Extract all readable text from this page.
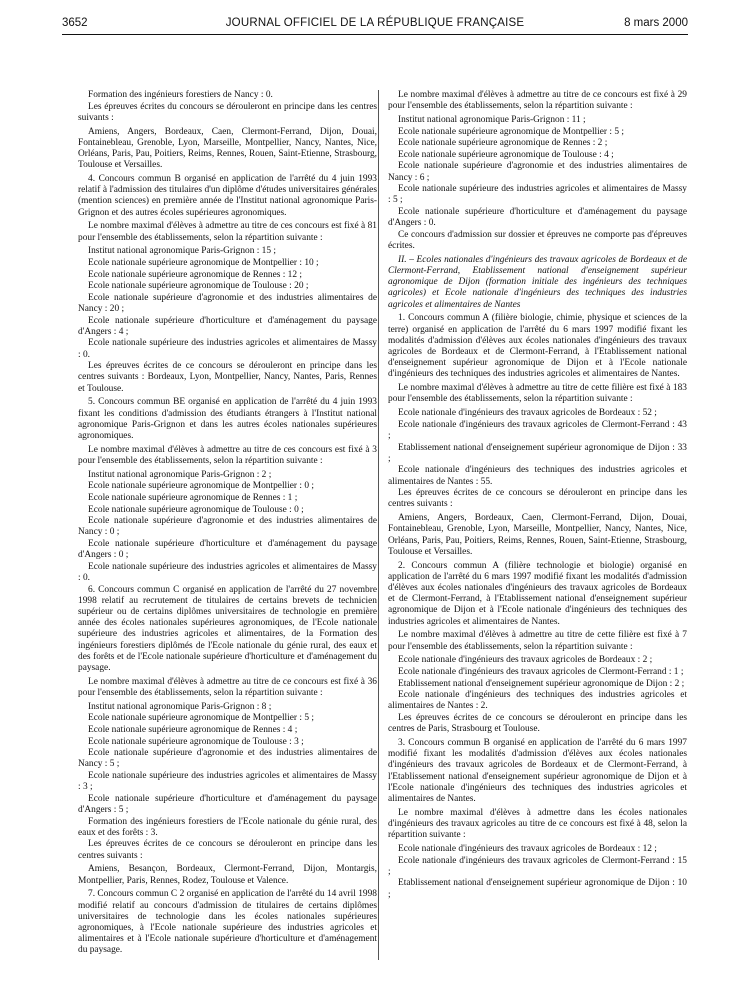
3652	JOURNAL OFFICIEL DE LA RÉPUBLIQUE FRANÇAISE	8 mars 2000

Formation des ingénieurs forestiers de Nancy : 0.

Les épreuves écrites du concours se dérouleront en principe dans les centres suivants :

Amiens, Angers, Bordeaux, Caen, Clermont-Ferrand, Dijon, Douai, Fontainebleau, Grenoble, Lyon, Marseille, Montpellier, Nancy, Nantes, Nice, Orléans, Paris, Pau, Poitiers, Reims, Rennes, Rouen, Saint-Etienne, Strasbourg, Toulouse et Versailles.

4. Concours commun B organisé en application de l'arrêté du 4 juin 1993 relatif à l'admission des titulaires d'un diplôme d'études universitaires générales (mention sciences) en première année de l'Institut national agronomique Paris-Grignon et des autres écoles supérieures agronomiques.

Le nombre maximal d'élèves à admettre au titre de ces concours est fixé à 81 pour l'ensemble des établissements, selon la répartition suivante :

Institut national agronomique Paris-Grignon : 15 ;

Ecole nationale supérieure agronomique de Montpellier : 10 ;

Ecole nationale supérieure agronomique de Rennes : 12 ;

Ecole nationale supérieure agronomique de Toulouse : 20 ;

Ecole nationale supérieure d'agronomie et des industries alimentaires de Nancy : 20 ;

Ecole nationale supérieure d'horticulture et d'aménagement du paysage d'Angers : 4 ;

Ecole nationale supérieure des industries agricoles et alimentaires de Massy : 0.

Les épreuves écrites de ce concours se dérouleront en principe dans les centres suivants : Bordeaux, Lyon, Montpellier, Nancy, Nantes, Paris, Rennes et Toulouse.

5. Concours commun BE organisé en application de l'arrêté du 4 juin 1993 fixant les conditions d'admission des étudiants étrangers à l'Institut national agronomique Paris-Grignon et dans les autres écoles nationales supérieures agronomiques.

Le nombre maximal d'élèves à admettre au titre de ces concours est fixé à 3 pour l'ensemble des établissements, selon la répartition suivante :

Institut national agronomique Paris-Grignon : 2 ;

Ecole nationale supérieure agronomique de Montpellier : 0 ;

Ecole nationale supérieure agronomique de Rennes : 1 ;

Ecole nationale supérieure agronomique de Toulouse : 0 ;

Ecole nationale supérieure d'agronomie et des industries alimentaires de Nancy : 0 ;

Ecole nationale supérieure d'horticulture et d'aménagement du paysage d'Angers : 0 ;

Ecole nationale supérieure des industries agricoles et alimentaires de Massy : 0.

6. Concours commun C organisé en application de l'arrêté du 27 novembre 1998 relatif au recrutement de titulaires de certains brevets de technicien supérieur ou de certains diplômes universitaires de technologie en première année des écoles nationales supérieures agronomiques, de l'Ecole nationale supérieure des industries agricoles et alimentaires, de la Formation des ingénieurs forestiers diplômés de l'Ecole nationale du génie rural, des eaux et des forêts et de l'Ecole nationale supérieure d'horticulture et d'aménagement du paysage.

Le nombre maximal d'élèves à admettre au titre de ce concours est fixé à 36 pour l'ensemble des établissements, selon la répartition suivante :

Institut national agronomique Paris-Grignon : 8 ;

Ecole nationale supérieure agronomique de Montpellier : 5 ;

Ecole nationale supérieure agronomique de Rennes : 4 ;

Ecole nationale supérieure agronomique de Toulouse : 3 ;

Ecole nationale supérieure d'agronomie et des industries alimentaires de Nancy : 5 ;

Ecole nationale supérieure des industries agricoles et alimentaires de Massy : 3 ;

Ecole nationale supérieure d'horticulture et d'aménagement du paysage d'Angers : 5 ;

Formation des ingénieurs forestiers de l'Ecole nationale du génie rural, des eaux et des forêts : 3.

Les épreuves écrites de ce concours se dérouleront en principe dans les centres suivants :

Amiens, Besançon, Bordeaux, Clermont-Ferrand, Dijon, Montargis, Montpellier, Paris, Rennes, Rodez, Toulouse et Valence.

7. Concours commun C 2 organisé en application de l'arrêté du 14 avril 1998 modifié relatif au concours d'admission de titulaires de certains diplômes universitaires de technologie dans les écoles nationales supérieures agronomiques, à l'Ecole nationale supérieure des industries agricoles et alimentaires et à l'Ecole nationale supérieure d'horticulture et d'aménagement du paysage.

Le nombre maximal d'élèves à admettre au titre de ce concours est fixé à 29 pour l'ensemble des établissements, selon la répartition suivante :

Institut national agronomique Paris-Grignon : 11 ;

Ecole nationale supérieure agronomique de Montpellier : 5 ;

Ecole nationale supérieure agronomique de Rennes : 2 ;

Ecole nationale supérieure agronomique de Toulouse : 4 ;

Ecole nationale supérieure d'agronomie et des industries alimentaires de Nancy : 6 ;

Ecole nationale supérieure des industries agricoles et alimentaires de Massy : 5 ;

Ecole nationale supérieure d'horticulture et d'aménagement du paysage d'Angers : 0.

Ce concours d'admission sur dossier et épreuves ne comporte pas d'épreuves écrites.

II. – Ecoles nationales d'ingénieurs des travaux agricoles de Bordeaux et de Clermont-Ferrand, Etablissement national d'enseignement supérieur agronomique de Dijon (formation initiale des ingénieurs des techniques agricoles) et Ecole nationale d'ingénieurs des techniques des industries agricoles et alimentaires de Nantes

1. Concours commun A (filière biologie, chimie, physique et sciences de la terre) organisé en application de l'arrêté du 6 mars 1997 modifié fixant les modalités d'admission d'élèves aux écoles nationales d'ingénieurs des travaux agricoles de Bordeaux et de Clermont-Ferrand, à l'Etablissement national d'enseignement supérieur agronomique de Dijon et à l'Ecole nationale d'ingénieurs des techniques des industries agricoles et alimentaires de Nantes.

Le nombre maximal d'élèves à admettre au titre de cette filière est fixé à 183 pour l'ensemble des établissements, selon la répartition suivante :

Ecole nationale d'ingénieurs des travaux agricoles de Bordeaux : 52 ;

Ecole nationale d'ingénieurs des travaux agricoles de Clermont-Ferrand : 43 ;

Etablissement national d'enseignement supérieur agronomique de Dijon : 33 ;

Ecole nationale d'ingénieurs des techniques des industries agricoles et alimentaires de Nantes : 55.

Les épreuves écrites de ce concours se dérouleront en principe dans les centres suivants :

Amiens, Angers, Bordeaux, Caen, Clermont-Ferrand, Dijon, Douai, Fontainebleau, Grenoble, Lyon, Marseille, Montpellier, Nancy, Nantes, Nice, Orléans, Paris, Pau, Poitiers, Reims, Rennes, Rouen, Saint-Etienne, Strasbourg, Toulouse et Versailles.

2. Concours commun A (filière technologie et biologie) organisé en application de l'arrêté du 6 mars 1997 modifié fixant les modalités d'admission d'élèves aux écoles nationales d'ingénieurs des travaux agricoles de Bordeaux et de Clermont-Ferrand, à l'Etablissement national d'enseignement supérieur agronomique de Dijon et à l'Ecole nationale d'ingénieurs des techniques des industries agricoles et alimentaires de Nantes.

Le nombre maximal d'élèves à admettre au titre de cette filière est fixé à 7 pour l'ensemble des établissements, selon la répartition suivante :

Ecole nationale d'ingénieurs des travaux agricoles de Bordeaux : 2 ;

Ecole nationale d'ingénieurs des travaux agricoles de Clermont-Ferrand : 1 ;

Etablissement national d'enseignement supérieur agronomique de Dijon : 2 ;

Ecole nationale d'ingénieurs des techniques des industries agricoles et alimentaires de Nantes : 2.

Les épreuves écrites de ce concours se dérouleront en principe dans les centres de Paris, Strasbourg et Toulouse.

3. Concours commun B organisé en application de l'arrêté du 6 mars 1997 modifié fixant les modalités d'admission d'élèves aux écoles nationales d'ingénieurs des travaux agricoles de Bordeaux et de Clermont-Ferrand, à l'Etablissement national d'enseignement supérieur agronomique de Dijon et à l'Ecole nationale d'ingénieurs des techniques des industries agricoles et alimentaires de Nantes.

Le nombre maximal d'élèves à admettre dans les écoles nationales d'ingénieurs des travaux agricoles au titre de ce concours est fixé à 48, selon la répartition suivante :

Ecole nationale d'ingénieurs des travaux agricoles de Bordeaux : 12 ;

Ecole nationale d'ingénieurs des travaux agricoles de Clermont-Ferrand : 15 ;

Etablissement national d'enseignement supérieur agronomique de Dijon : 10 ;
